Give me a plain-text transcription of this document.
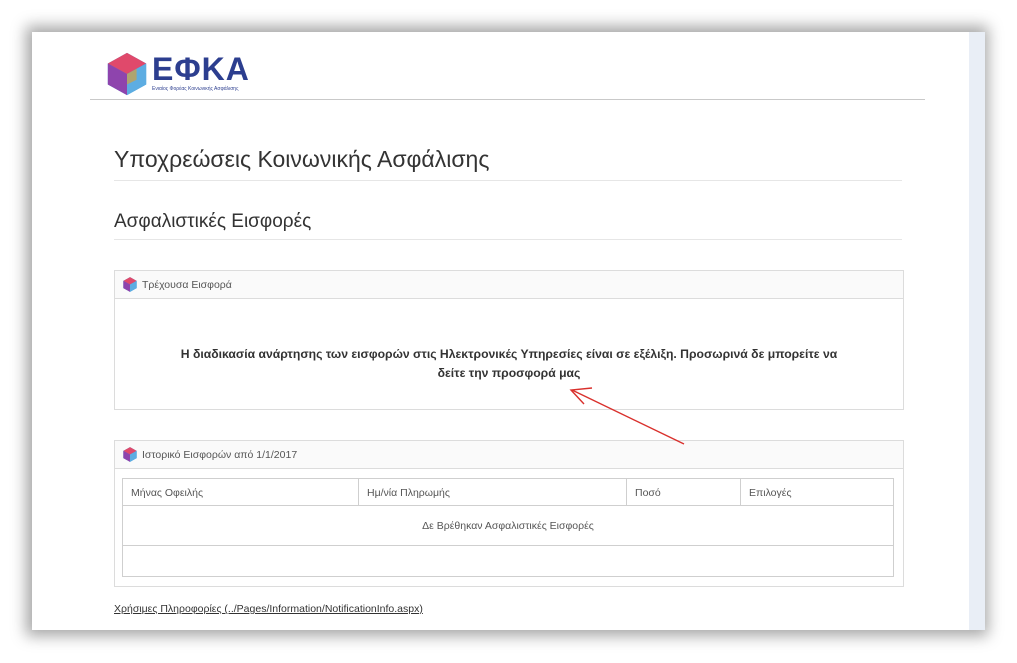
ΕΦΚΑ
Ενιαίος Φορέας Κοινωνικής Ασφάλισης
Υποχρεώσεις Κοινωνικής Ασφάλισης
Ασφαλιστικές Εισφορές
Τρέχουσα Εισφορά
Η διαδικασία ανάρτησης των εισφορών στις Ηλεκτρονικές Υπηρεσίες είναι σε εξέλιξη. Προσωρινά δε μπορείτε να
δείτε την προσφορά μας
Ιστορικό Εισφορών από 1/1/2017
Μήνας Οφειλής	Ημ/νία Πληρωμής	Ποσό	Επιλογές
Δε Βρέθηκαν Ασφαλιστικές Εισφορές
Χρήσιμες Πληροφορίες (../Pages/Information/NotificationInfo.aspx)
